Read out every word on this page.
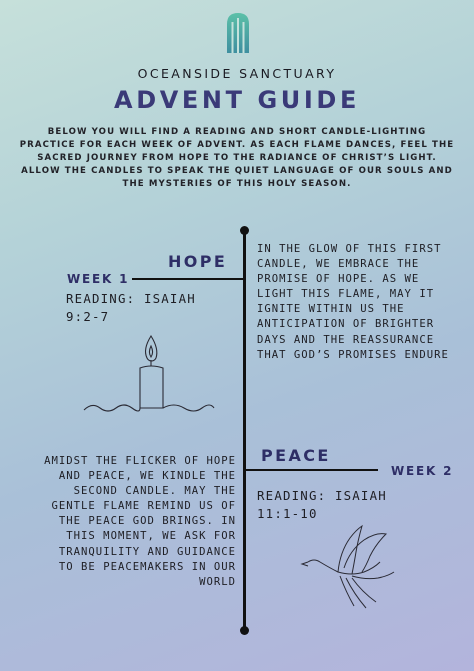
OCEANSIDE SANCTUARY
ADVENT GUIDE
BELOW YOU WILL FIND A READING AND SHORT CANDLE-LIGHTING PRACTICE FOR EACH WEEK OF ADVENT. AS EACH FLAME DANCES, FEEL THE SACRED JOURNEY FROM HOPE TO THE RADIANCE OF CHRIST’S LIGHT. ALLOW THE CANDLES TO SPEAK THE QUIET LANGUAGE OF OUR SOULS AND THE MYSTERIES OF THIS HOLY SEASON.
HOPE
WEEK 1
READING: ISAIAH 9:2-7
IN THE GLOW OF THIS FIRST CANDLE, WE EMBRACE THE PROMISE OF HOPE. AS WE LIGHT THIS FLAME, MAY IT IGNITE WITHIN US THE ANTICIPATION OF BRIGHTER DAYS AND THE REASSURANCE THAT GOD’S PROMISES ENDURE
PEACE
WEEK 2
READING: ISAIAH 11:1-10
AMIDST THE FLICKER OF HOPE AND PEACE, WE KINDLE THE SECOND CANDLE. MAY THE GENTLE FLAME REMIND US OF THE PEACE GOD BRINGS. IN THIS MOMENT, WE ASK FOR TRANQUILITY AND GUIDANCE TO BE PEACEMAKERS IN OUR WORLD
